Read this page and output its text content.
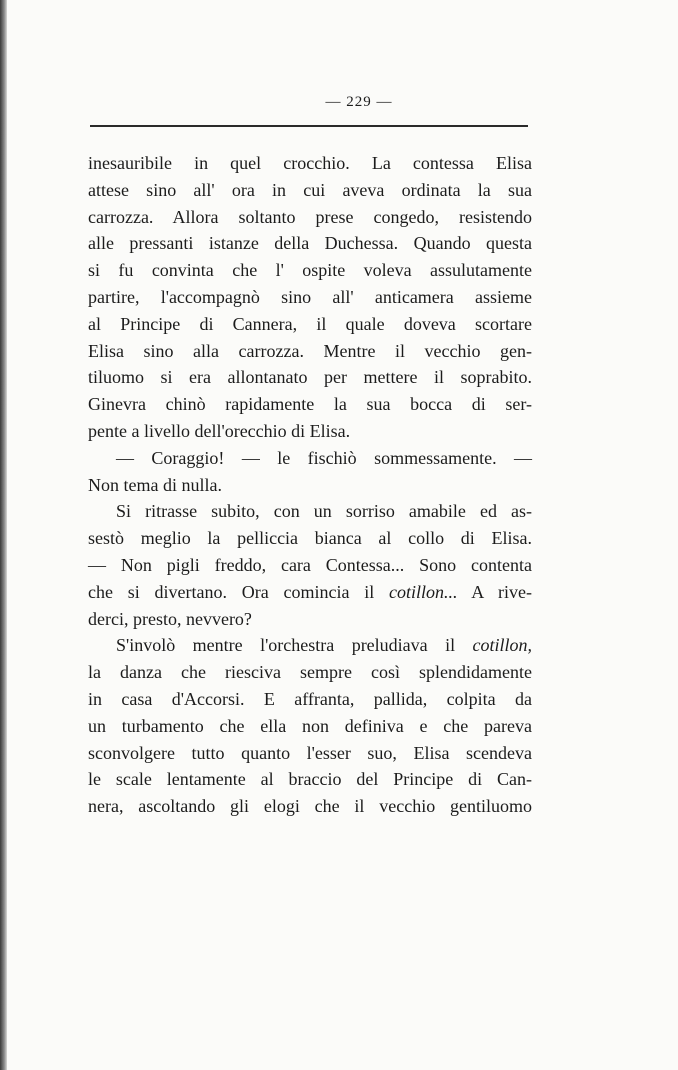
— 229 —
inesauribile in quel crocchio. La contessa Elisa
attese sino all' ora in cui aveva ordinata la sua
carrozza. Allora soltanto prese congedo, resistendo
alle pressanti istanze della Duchessa. Quando questa
si fu convinta che l' ospite voleva assulutamente
partire, l'accompagnò sino all' anticamera assieme
al Principe di Cannera, il quale doveva scortare
Elisa sino alla carrozza. Mentre il vecchio gen-
tiluomo si era allontanato per mettere il soprabito.
Ginevra chinò rapidamente la sua bocca di ser-
pente a livello dell'orecchio di Elisa.
— Coraggio! — le fischiò sommessamente. —
Non tema di nulla.
Si ritrasse subito, con un sorriso amabile ed as-
sestò meglio la pelliccia bianca al collo di Elisa.
— Non pigli freddo, cara Contessa... Sono contenta
che si divertano. Ora comincia il cotillon... A rive-
derci, presto, nevvero?
S'involò mentre l'orchestra preludiava il cotillon,
la danza che riesciva sempre così splendidamente
in casa d'Accorsi. E affranta, pallida, colpita da
un turbamento che ella non definiva e che pareva
sconvolgere tutto quanto l'esser suo, Elisa scendeva
le scale lentamente al braccio del Principe di Can-
nera, ascoltando gli elogi che il vecchio gentiluomo
